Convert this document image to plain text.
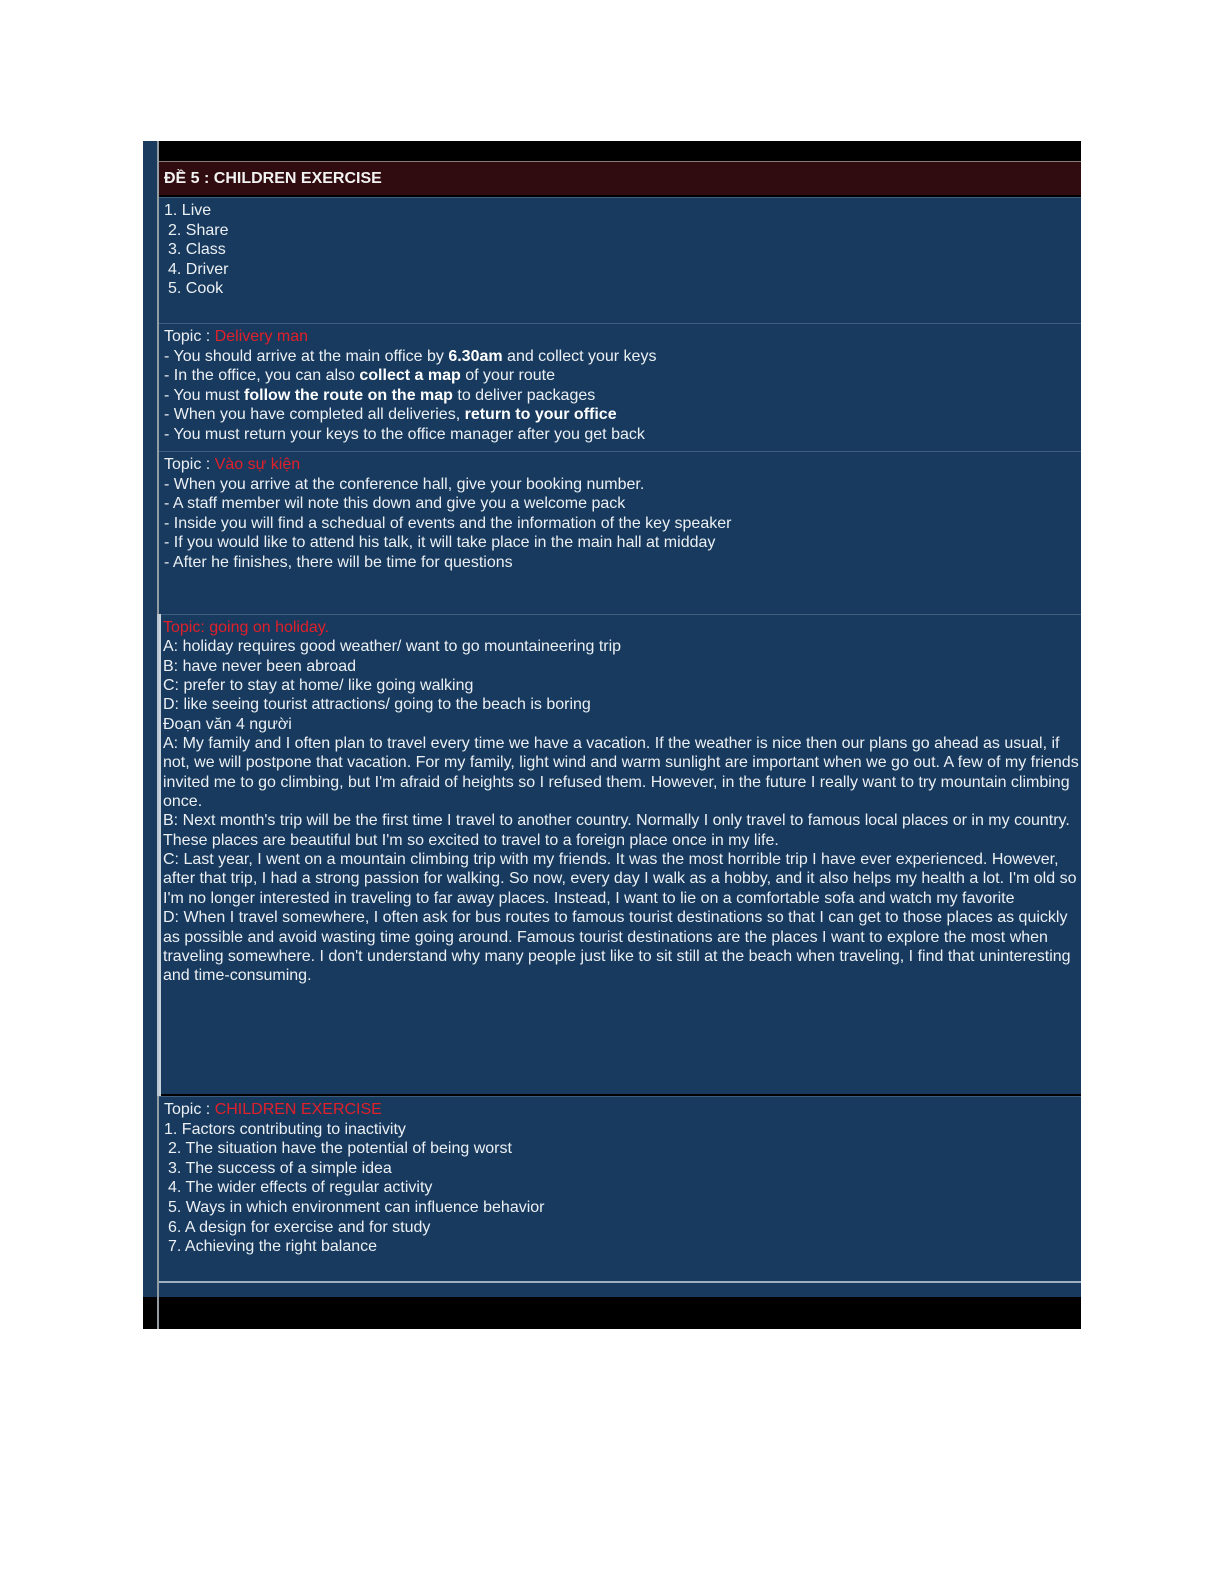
ĐỀ 5 : CHILDREN EXERCISE
1. Live
2. Share
3. Class
4. Driver
5. Cook
Topic : Delivery man
- You should arrive at the main office by 6.30am and collect your keys
- In the office, you can also collect a map of your route
- You must follow the route on the map to deliver packages
- When you have completed all deliveries, return to your office
- You must return your keys to the office manager after you get back
Topic : Vào sự kiện
- When you arrive at the conference hall, give your booking number.
- A staff member wil note this down and give you a welcome pack
- Inside you will find a schedual of events and the information of the key speaker
- If you would like to attend his talk, it will take place in the main hall at midday
- After he finishes, there will be time for questions
Topic: going on holiday.
A: holiday requires good weather/ want to go mountaineering trip
B: have never been abroad
C: prefer to stay at home/ like going walking
D: like seeing tourist attractions/ going to the beach is boring
Đoạn văn 4 người
A: My family and I often plan to travel every time we have a vacation. If the weather is nice then our plans go ahead as usual, if not, we will postpone that vacation. For my family, light wind and warm sunlight are important when we go out. A few of my friends invited me to go climbing, but I'm afraid of heights so I refused them. However, in the future I really want to try mountain climbing once.
B: Next month's trip will be the first time I travel to another country. Normally I only travel to famous local places or in my country. These places are beautiful but I'm so excited to travel to a foreign place once in my life.
C: Last year, I went on a mountain climbing trip with my friends. It was the most horrible trip I have ever experienced. However, after that trip, I had a strong passion for walking. So now, every day I walk as a hobby, and it also helps my health a lot. I'm old so I'm no longer interested in traveling to far away places. Instead, I want to lie on a comfortable sofa and watch my favorite
D: When I travel somewhere, I often ask for bus routes to famous tourist destinations so that I can get to those places as quickly as possible and avoid wasting time going around. Famous tourist destinations are the places I want to explore the most when traveling somewhere. I don't understand why many people just like to sit still at the beach when traveling, I find that uninteresting and time-consuming.
Topic : CHILDREN EXERCISE
1. Factors contributing to inactivity
2. The situation have the potential of being worst
3. The success of a simple idea
4. The wider effects of regular activity
5. Ways in which environment can influence behavior
6. A design for exercise and for study
7. Achieving the right balance
